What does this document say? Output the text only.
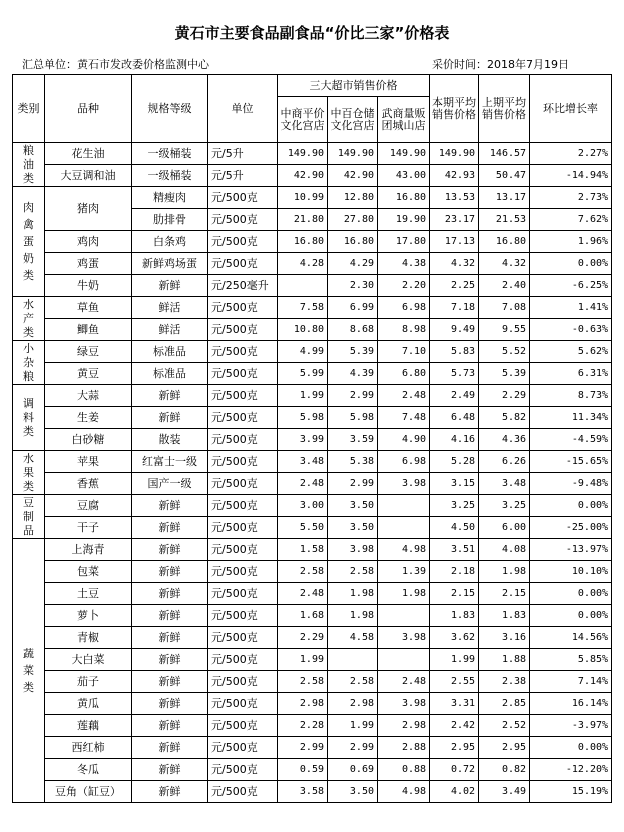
黄石市主要食品副食品“价比三家”价格表
汇总单位：黄石市发改委价格监测中心	采价时间：2018年7月19日
类别	品种	规格等级	单位	三大超市销售价格			本期平均销售价格	上期平均销售价格	环比增长率
				中商平价文化宫店	中百仓储文化宫店	武商量贩团城山店			
粮
油
类	花生油	一级桶装	元/5升	149.90	149.90	149.90	149.90	146.57	2.27%
	大豆调和油	一级桶装	元/5升	42.90	42.90	43.00	42.93	50.47	-14.94%
肉
禽
蛋
奶
类	猪肉	精瘦肉	元/500克	10.99	12.80	16.80	13.53	13.17	2.73%
		肋排骨	元/500克	21.80	27.80	19.90	23.17	21.53	7.62%
	鸡肉	白条鸡	元/500克	16.80	16.80	17.80	17.13	16.80	1.96%
	鸡蛋	新鲜鸡场蛋	元/500克	4.28	4.29	4.38	4.32	4.32	0.00%
	牛奶	新鲜	元/250毫升		2.30	2.20	2.25	2.40	-6.25%
水
产
类	草鱼	鲜活	元/500克	7.58	6.99	6.98	7.18	7.08	1.41%
	鲫鱼	鲜活	元/500克	10.80	8.68	8.98	9.49	9.55	-0.63%
小
杂
粮	绿豆	标准品	元/500克	4.99	5.39	7.10	5.83	5.52	5.62%
	黄豆	标准品	元/500克	5.99	4.39	6.80	5.73	5.39	6.31%
调
料
类	大蒜	新鲜	元/500克	1.99	2.99	2.48	2.49	2.29	8.73%
	生姜	新鲜	元/500克	5.98	5.98	7.48	6.48	5.82	11.34%
	白砂糖	散装	元/500克	3.99	3.59	4.90	4.16	4.36	-4.59%
水
果
类	苹果	红富士一级	元/500克	3.48	5.38	6.98	5.28	6.26	-15.65%
	香蕉	国产一级	元/500克	2.48	2.99	3.98	3.15	3.48	-9.48%
豆
制
品	豆腐	新鲜	元/500克	3.00	3.50		3.25	3.25	0.00%
	干子	新鲜	元/500克	5.50	3.50		4.50	6.00	-25.00%
蔬
菜
类	上海青	新鲜	元/500克	1.58	3.98	4.98	3.51	4.08	-13.97%
	包菜	新鲜	元/500克	2.58	2.58	1.39	2.18	1.98	10.10%
	土豆	新鲜	元/500克	2.48	1.98	1.98	2.15	2.15	0.00%
	萝卜	新鲜	元/500克	1.68	1.98		1.83	1.83	0.00%
	青椒	新鲜	元/500克	2.29	4.58	3.98	3.62	3.16	14.56%
	大白菜	新鲜	元/500克	1.99			1.99	1.88	5.85%
	茄子	新鲜	元/500克	2.58	2.58	2.48	2.55	2.38	7.14%
	黄瓜	新鲜	元/500克	2.98	2.98	3.98	3.31	2.85	16.14%
	莲藕	新鲜	元/500克	2.28	1.99	2.98	2.42	2.52	-3.97%
	西红柿	新鲜	元/500克	2.99	2.99	2.88	2.95	2.95	0.00%
	冬瓜	新鲜	元/500克	0.59	0.69	0.88	0.72	0.82	-12.20%
	豆角（缸豆）	新鲜	元/500克	3.58	3.50	4.98	4.02	3.49	15.19%
